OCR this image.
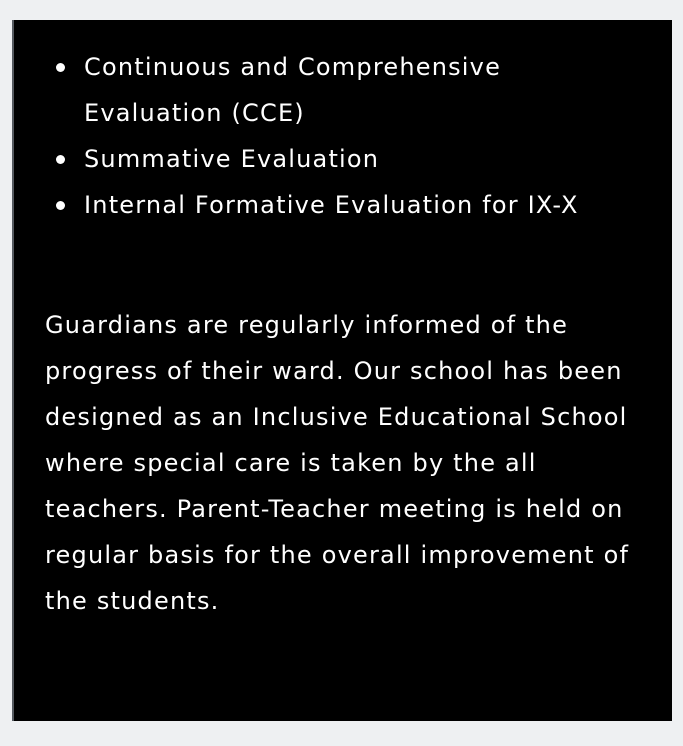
Continuous and Comprehensive Evaluation (CCE)
Summative Evaluation
Internal Formative Evaluation for IX-X

Guardians are regularly informed of the progress of their ward. Our school has been designed as an Inclusive Educational School where special care is taken by the all teachers. Parent-Teacher meeting is held on regular basis for the overall improvement of the students.
